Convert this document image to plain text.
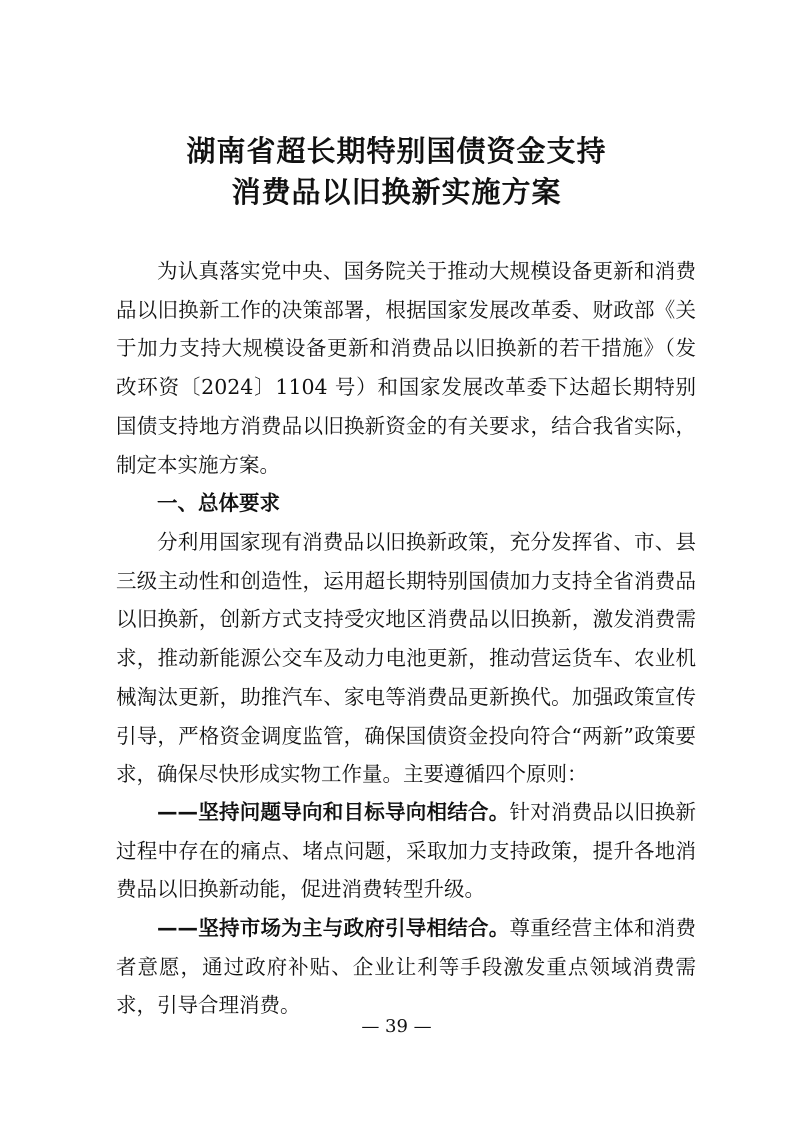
湖南省超长期特别国债资金支持
消费品以旧换新实施方案

为认真落实党中央、国务院关于推动大规模设备更新和消费品以旧换新工作的决策部署，根据国家发展改革委、财政部《关于加力支持大规模设备更新和消费品以旧换新的若干措施》（发改环资〔2024〕1104 号）和国家发展改革委下达超长期特别国债支持地方消费品以旧换新资金的有关要求，结合我省实际，制定本实施方案。

一、总体要求

分利用国家现有消费品以旧换新政策，充分发挥省、市、县三级主动性和创造性，运用超长期特别国债加力支持全省消费品以旧换新，创新方式支持受灾地区消费品以旧换新，激发消费需求，推动新能源公交车及动力电池更新，推动营运货车、农业机械淘汰更新，助推汽车、家电等消费品更新换代。加强政策宣传引导，严格资金调度监管，确保国债资金投向符合“两新”政策要求，确保尽快形成实物工作量。主要遵循四个原则：

——坚持问题导向和目标导向相结合。针对消费品以旧换新过程中存在的痛点、堵点问题，采取加力支持政策，提升各地消费品以旧换新动能，促进消费转型升级。

——坚持市场为主与政府引导相结合。尊重经营主体和消费者意愿，通过政府补贴、企业让利等手段激发重点领域消费需求，引导合理消费。

— 39 —
